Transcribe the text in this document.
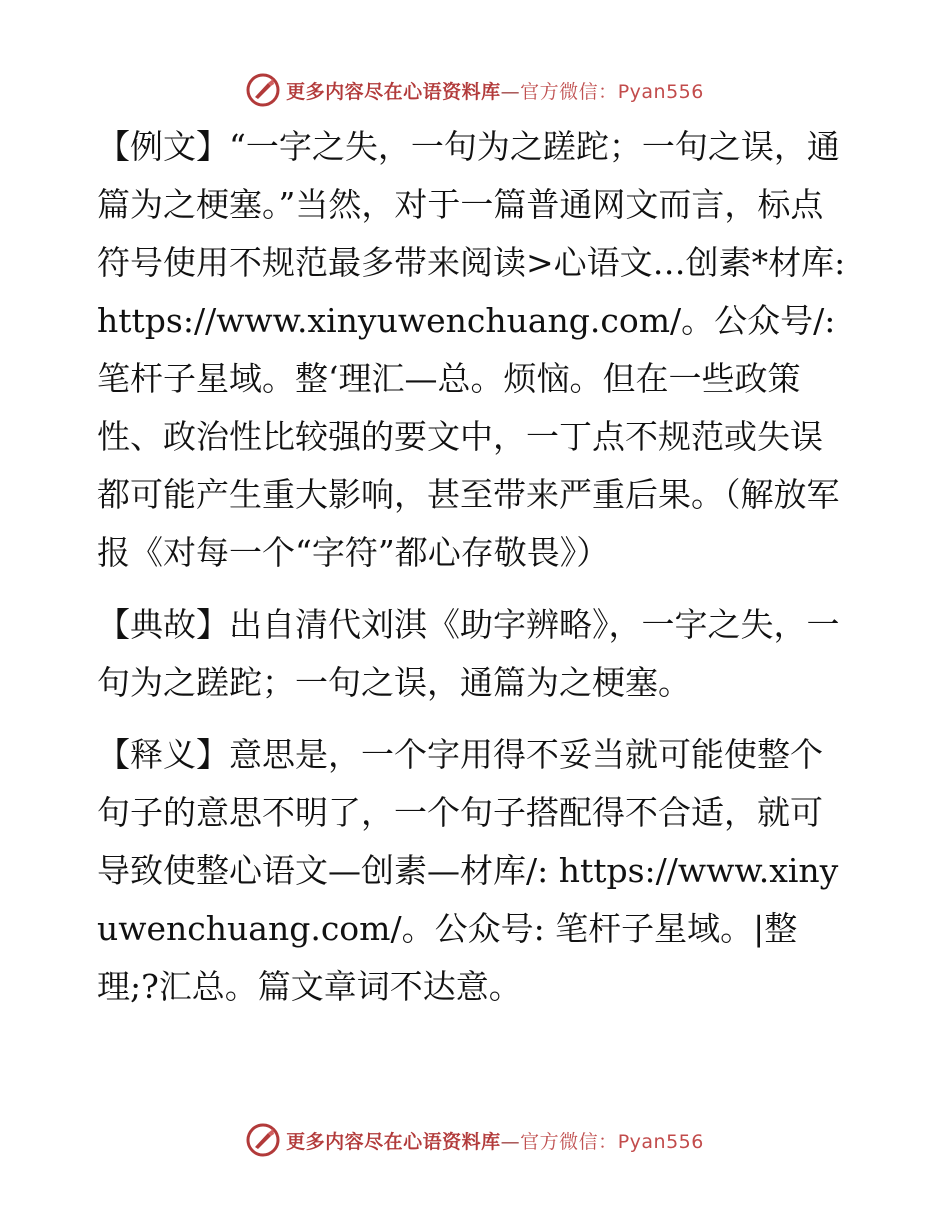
更多内容尽在心语资料库—官方微信：Pyan556

【例文】“一字之失，一句为之蹉跎；一句之误，通篇为之梗塞。”当然，对于一篇普通网文而言，标点符号使用不规范最多带来阅读>心语文…创素*材库: https://www.xinyuwenchuang.com/。公众号/: 笔杆子星域。整‘理汇—总。烦恼。但在一些政策性、政治性比较强的要文中，一丁点不规范或失误都可能产生重大影响，甚至带来严重后果。（解放军报《对每一个“字符”都心存敬畏》）

【典故】出自清代刘淇《助字辨略》，一字之失，一句为之蹉跎；一句之误，通篇为之梗塞。

【释义】意思是，一个字用得不妥当就可能使整个句子的意思不明了，一个句子搭配得不合适，就可导致使整心语文—创素—材库/: https://www.xinyuwenchuang.com/。公众号: 笔杆子星域。|整理;?汇总。篇文章词不达意。

更多内容尽在心语资料库—官方微信：Pyan556
